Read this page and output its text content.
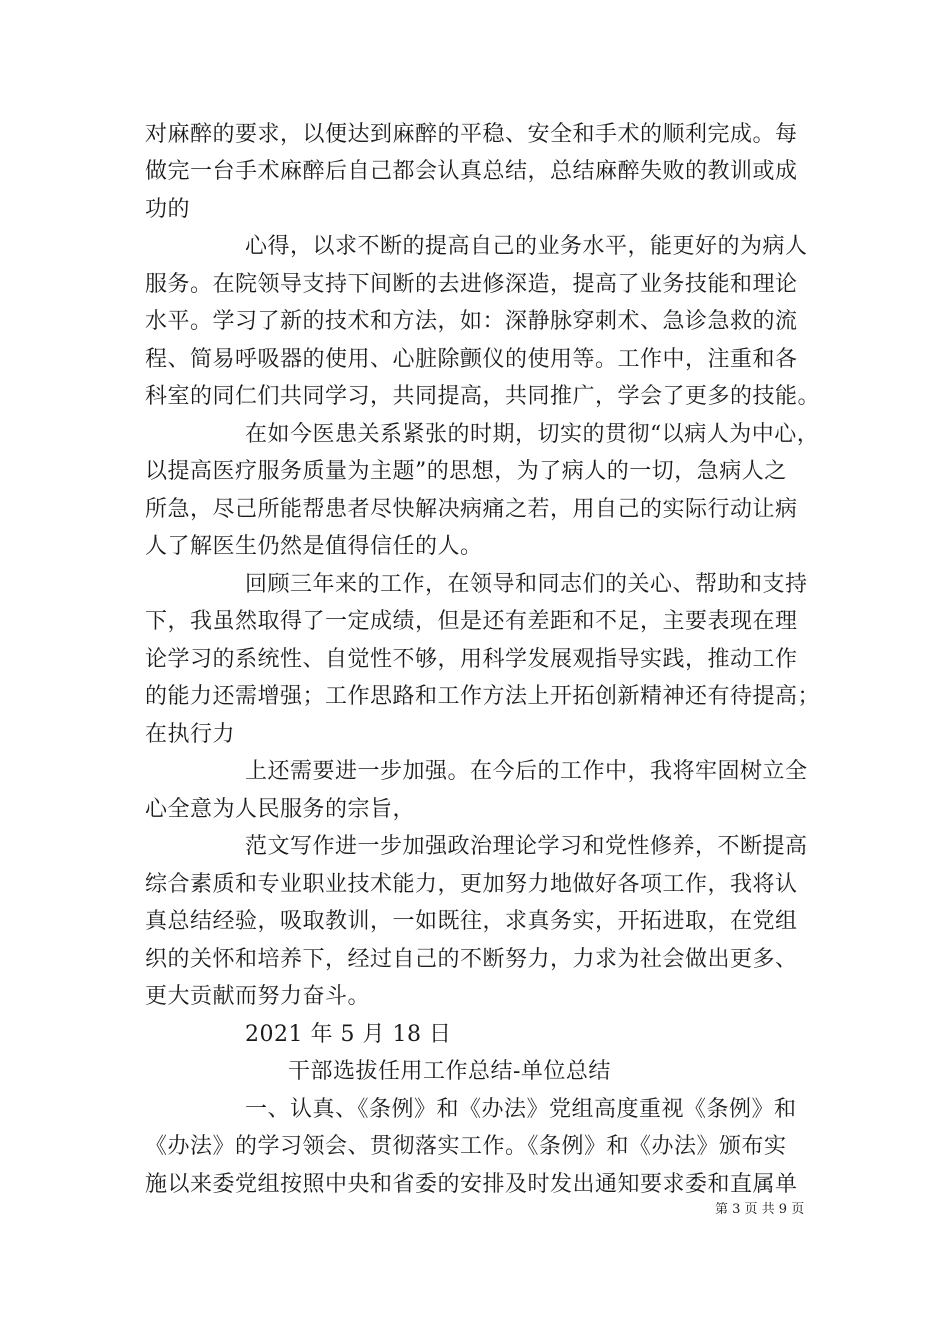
对麻醉的要求，以便达到麻醉的平稳、安全和手术的顺利完成。每
做完一台手术麻醉后自己都会认真总结，总结麻醉失败的教训或成
功的
心得，以求不断的提高自己的业务水平，能更好的为病人
服务。在院领导支持下间断的去进修深造，提高了业务技能和理论
水平。学习了新的技术和方法，如：深静脉穿刺术、急诊急救的流
程、简易呼吸器的使用、心脏除颤仪的使用等。工作中，注重和各
科室的同仁们共同学习，共同提高，共同推广，学会了更多的技能。
在如今医患关系紧张的时期，切实的贯彻“以病人为中心，
以提高医疗服务质量为主题”的思想，为了病人的一切，急病人之
所急，尽己所能帮患者尽快解决病痛之若，用自己的实际行动让病
人了解医生仍然是值得信任的人。
回顾三年来的工作，在领导和同志们的关心、帮助和支持
下，我虽然取得了一定成绩，但是还有差距和不足，主要表现在理
论学习的系统性、自觉性不够，用科学发展观指导实践，推动工作
的能力还需增强；工作思路和工作方法上开拓创新精神还有待提高；
在执行力
上还需要进一步加强。在今后的工作中，我将牢固树立全
心全意为人民服务的宗旨，
范文写作进一步加强政治理论学习和党性修养，不断提高
综合素质和专业职业技术能力，更加努力地做好各项工作，我将认
真总结经验，吸取教训，一如既往，求真务实，开拓进取，在党组
织的关怀和培养下，经过自己的不断努力，力求为社会做出更多、
更大贡献而努力奋斗。
2021 年 5 月 18 日
干部选拔任用工作总结-单位总结
一、认真、《条例》和《办法》党组高度重视《条例》和
《办法》的学习领会、贯彻落实工作。《条例》和《办法》颁布实
施以来委党组按照中央和省委的安排及时发出通知要求委和直属单
第 3 页 共 9 页
